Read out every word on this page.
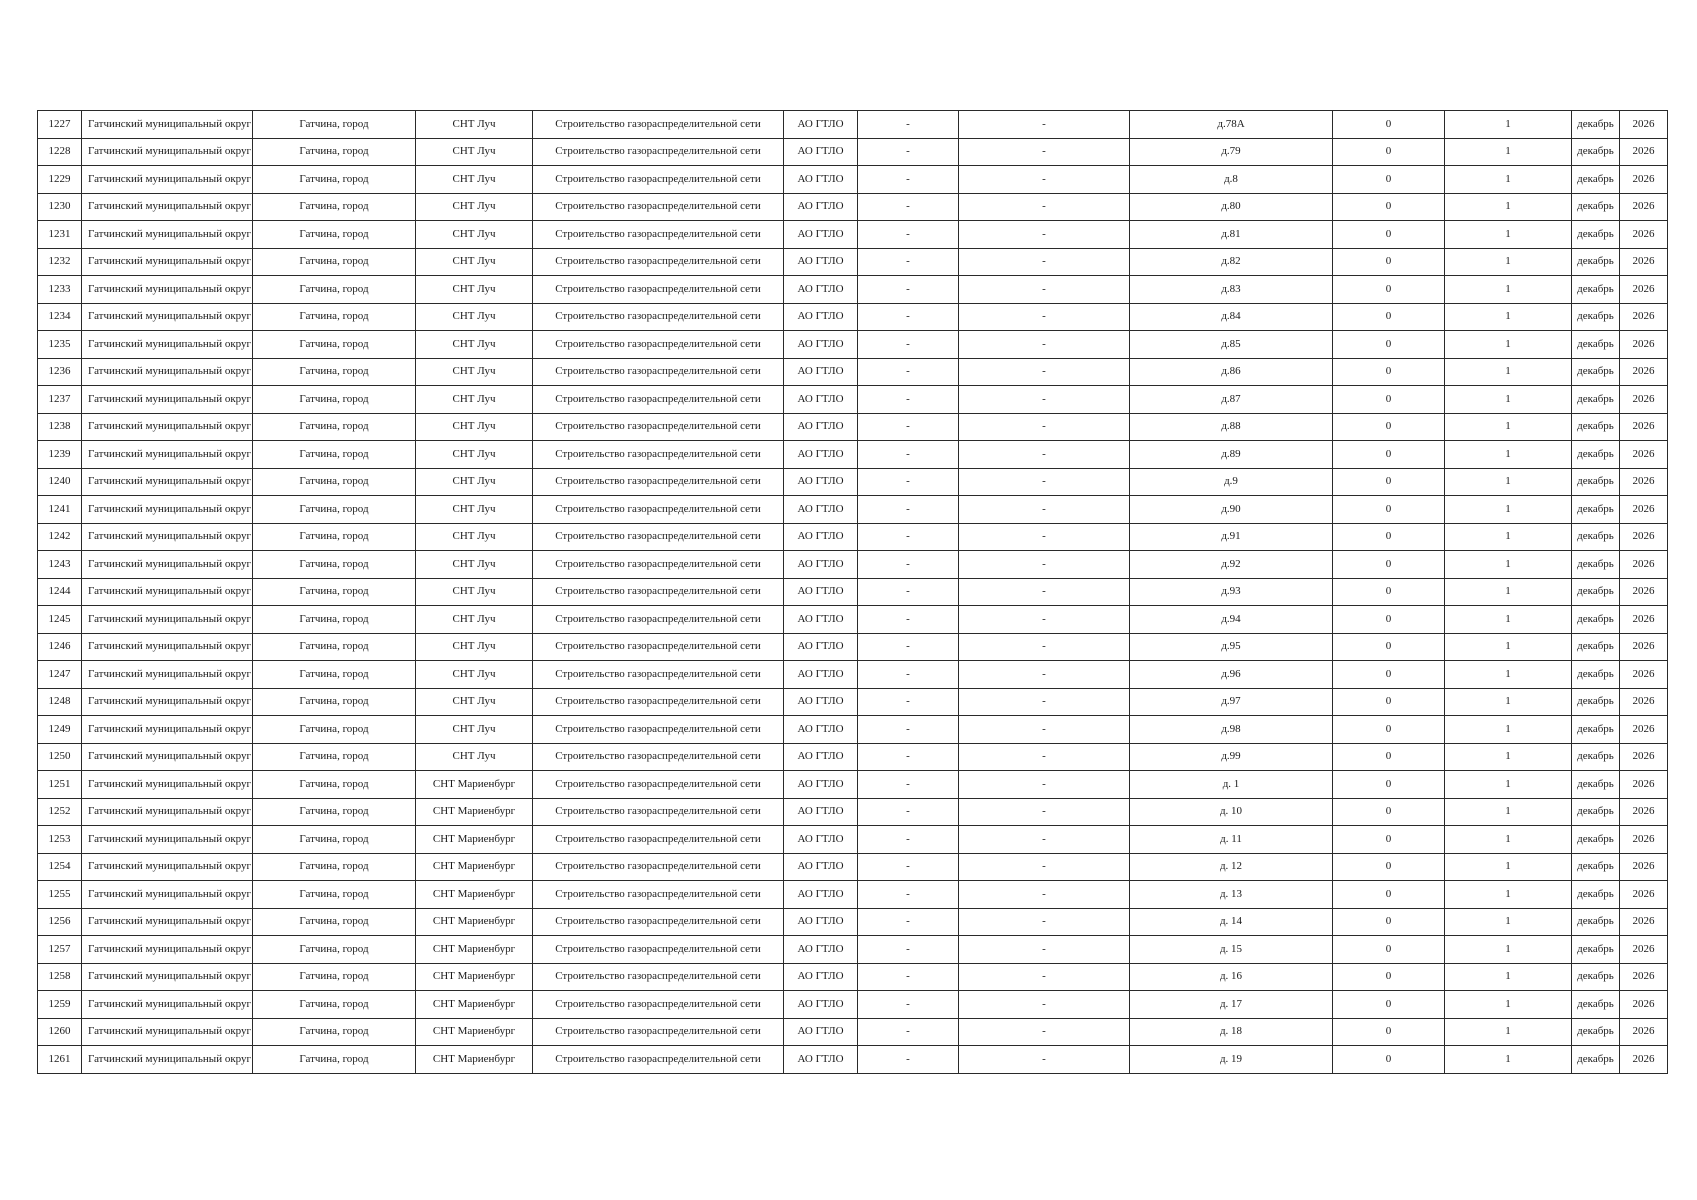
1227	Гатчинский муниципальный округ	Гатчина, город	СНТ Луч	Строительство газораспределительной сети	АО ГТЛО	-	-	д.78А	0	1	декабрь	2026
1228	Гатчинский муниципальный округ	Гатчина, город	СНТ Луч	Строительство газораспределительной сети	АО ГТЛО	-	-	д.79	0	1	декабрь	2026
1229	Гатчинский муниципальный округ	Гатчина, город	СНТ Луч	Строительство газораспределительной сети	АО ГТЛО	-	-	д.8	0	1	декабрь	2026
1230	Гатчинский муниципальный округ	Гатчина, город	СНТ Луч	Строительство газораспределительной сети	АО ГТЛО	-	-	д.80	0	1	декабрь	2026
1231	Гатчинский муниципальный округ	Гатчина, город	СНТ Луч	Строительство газораспределительной сети	АО ГТЛО	-	-	д.81	0	1	декабрь	2026
1232	Гатчинский муниципальный округ	Гатчина, город	СНТ Луч	Строительство газораспределительной сети	АО ГТЛО	-	-	д.82	0	1	декабрь	2026
1233	Гатчинский муниципальный округ	Гатчина, город	СНТ Луч	Строительство газораспределительной сети	АО ГТЛО	-	-	д.83	0	1	декабрь	2026
1234	Гатчинский муниципальный округ	Гатчина, город	СНТ Луч	Строительство газораспределительной сети	АО ГТЛО	-	-	д.84	0	1	декабрь	2026
1235	Гатчинский муниципальный округ	Гатчина, город	СНТ Луч	Строительство газораспределительной сети	АО ГТЛО	-	-	д.85	0	1	декабрь	2026
1236	Гатчинский муниципальный округ	Гатчина, город	СНТ Луч	Строительство газораспределительной сети	АО ГТЛО	-	-	д.86	0	1	декабрь	2026
1237	Гатчинский муниципальный округ	Гатчина, город	СНТ Луч	Строительство газораспределительной сети	АО ГТЛО	-	-	д.87	0	1	декабрь	2026
1238	Гатчинский муниципальный округ	Гатчина, город	СНТ Луч	Строительство газораспределительной сети	АО ГТЛО	-	-	д.88	0	1	декабрь	2026
1239	Гатчинский муниципальный округ	Гатчина, город	СНТ Луч	Строительство газораспределительной сети	АО ГТЛО	-	-	д.89	0	1	декабрь	2026
1240	Гатчинский муниципальный округ	Гатчина, город	СНТ Луч	Строительство газораспределительной сети	АО ГТЛО	-	-	д.9	0	1	декабрь	2026
1241	Гатчинский муниципальный округ	Гатчина, город	СНТ Луч	Строительство газораспределительной сети	АО ГТЛО	-	-	д.90	0	1	декабрь	2026
1242	Гатчинский муниципальный округ	Гатчина, город	СНТ Луч	Строительство газораспределительной сети	АО ГТЛО	-	-	д.91	0	1	декабрь	2026
1243	Гатчинский муниципальный округ	Гатчина, город	СНТ Луч	Строительство газораспределительной сети	АО ГТЛО	-	-	д.92	0	1	декабрь	2026
1244	Гатчинский муниципальный округ	Гатчина, город	СНТ Луч	Строительство газораспределительной сети	АО ГТЛО	-	-	д.93	0	1	декабрь	2026
1245	Гатчинский муниципальный округ	Гатчина, город	СНТ Луч	Строительство газораспределительной сети	АО ГТЛО	-	-	д.94	0	1	декабрь	2026
1246	Гатчинский муниципальный округ	Гатчина, город	СНТ Луч	Строительство газораспределительной сети	АО ГТЛО	-	-	д.95	0	1	декабрь	2026
1247	Гатчинский муниципальный округ	Гатчина, город	СНТ Луч	Строительство газораспределительной сети	АО ГТЛО	-	-	д.96	0	1	декабрь	2026
1248	Гатчинский муниципальный округ	Гатчина, город	СНТ Луч	Строительство газораспределительной сети	АО ГТЛО	-	-	д.97	0	1	декабрь	2026
1249	Гатчинский муниципальный округ	Гатчина, город	СНТ Луч	Строительство газораспределительной сети	АО ГТЛО	-	-	д.98	0	1	декабрь	2026
1250	Гатчинский муниципальный округ	Гатчина, город	СНТ Луч	Строительство газораспределительной сети	АО ГТЛО	-	-	д.99	0	1	декабрь	2026
1251	Гатчинский муниципальный округ	Гатчина, город	СНТ Мариенбург	Строительство газораспределительной сети	АО ГТЛО	-	-	д. 1	0	1	декабрь	2026
1252	Гатчинский муниципальный округ	Гатчина, город	СНТ Мариенбург	Строительство газораспределительной сети	АО ГТЛО	-	-	д. 10	0	1	декабрь	2026
1253	Гатчинский муниципальный округ	Гатчина, город	СНТ Мариенбург	Строительство газораспределительной сети	АО ГТЛО	-	-	д. 11	0	1	декабрь	2026
1254	Гатчинский муниципальный округ	Гатчина, город	СНТ Мариенбург	Строительство газораспределительной сети	АО ГТЛО	-	-	д. 12	0	1	декабрь	2026
1255	Гатчинский муниципальный округ	Гатчина, город	СНТ Мариенбург	Строительство газораспределительной сети	АО ГТЛО	-	-	д. 13	0	1	декабрь	2026
1256	Гатчинский муниципальный округ	Гатчина, город	СНТ Мариенбург	Строительство газораспределительной сети	АО ГТЛО	-	-	д. 14	0	1	декабрь	2026
1257	Гатчинский муниципальный округ	Гатчина, город	СНТ Мариенбург	Строительство газораспределительной сети	АО ГТЛО	-	-	д. 15	0	1	декабрь	2026
1258	Гатчинский муниципальный округ	Гатчина, город	СНТ Мариенбург	Строительство газораспределительной сети	АО ГТЛО	-	-	д. 16	0	1	декабрь	2026
1259	Гатчинский муниципальный округ	Гатчина, город	СНТ Мариенбург	Строительство газораспределительной сети	АО ГТЛО	-	-	д. 17	0	1	декабрь	2026
1260	Гатчинский муниципальный округ	Гатчина, город	СНТ Мариенбург	Строительство газораспределительной сети	АО ГТЛО	-	-	д. 18	0	1	декабрь	2026
1261	Гатчинский муниципальный округ	Гатчина, город	СНТ Мариенбург	Строительство газораспределительной сети	АО ГТЛО	-	-	д. 19	0	1	декабрь	2026
